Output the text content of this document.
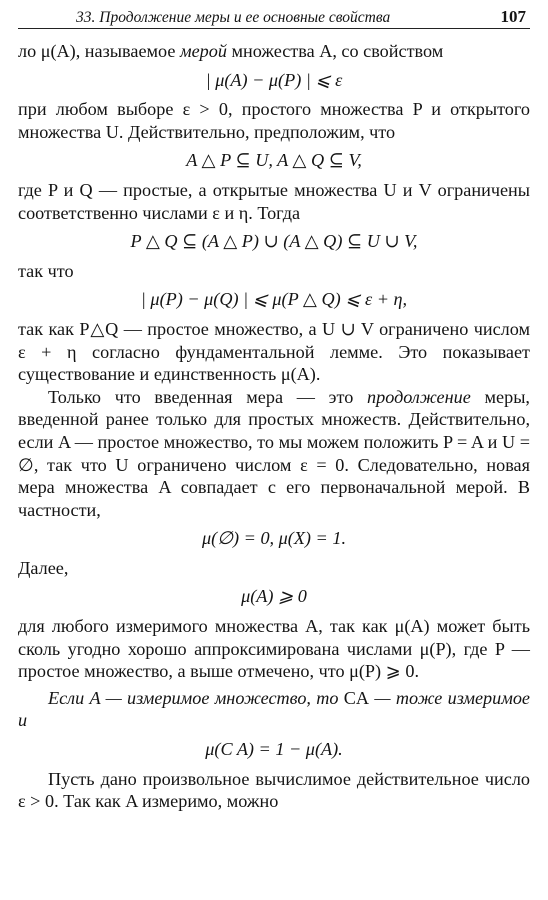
33. Продолжение меры и ее основные свойства	107

ло μ(A), называемое мерой множества A, со свойством

| μ(A) − μ(P) | ⩽ ε

при любом выборе ε > 0, простого множества P и открытого множества U. Действительно, предположим, что

A △ P ⊆ U, A △ Q ⊆ V,

где P и Q — простые, а открытые множества U и V ограничены соответственно числами ε и η. Тогда

P △ Q ⊆ (A △ P) ∪ (A △ Q) ⊆ U ∪ V,

так что

| μ(P) − μ(Q) | ⩽ μ(P △ Q) ⩽ ε + η,

так как P△Q — простое множество, а U ∪ V ограничено числом ε + η согласно фундаментальной лемме. Это показывает существование и единственность μ(A).

Только что введенная мера — это продолжение меры, введенной ранее только для простых множеств. Действительно, если A — простое множество, то мы можем положить P = A и U = ∅, так что U ограничено числом ε = 0. Следовательно, новая мера множества A совпадает с его первоначальной мерой. В частности,

μ(∅) = 0, μ(X) = 1.

Далее,

μ(A) ⩾ 0

для любого измеримого множества A, так как μ(A) может быть сколь угодно хорошо аппроксимирована числами μ(P), где P — простое множество, а выше отмечено, что μ(P) ⩾ 0.

Если A — измеримое множество, то CA — тоже измеримое и

μ(C A) = 1 − μ(A).

Пусть дано произвольное вычислимое действительное число ε > 0. Так как A измеримо, можно
